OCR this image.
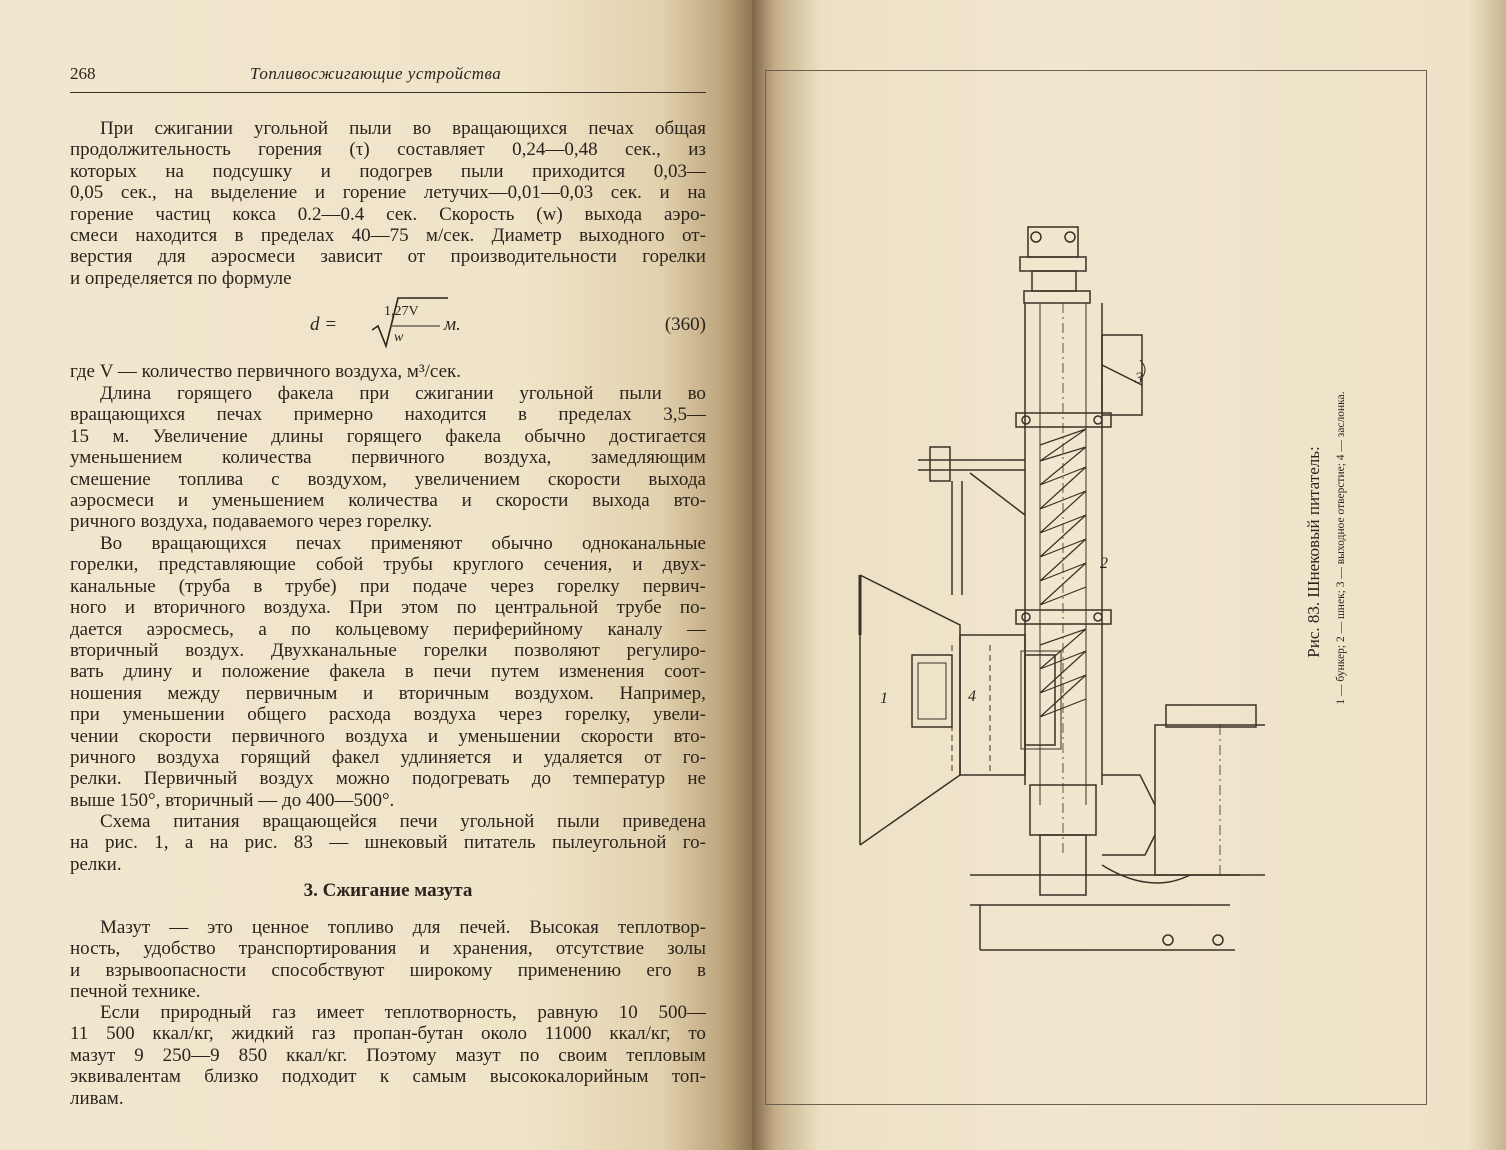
268	Топливосжигающие устройства
При сжигании угольной пыли во вращающихся печах общая
продолжительность горения (τ) составляет 0,24—0,48 сек., из
которых на подсушку и подогрев пыли приходится 0,03—
0,05 сек., на выделение и горение летучих—0,01—0,03 сек. и на
горение частиц кокса 0.2—0.4 сек. Скорость (w) выхода аэро-
смеси находится в пределах 40—75 м/сек. Диаметр выходного от-
верстия для аэросмеси зависит от производительности горелки
и определяется по формуле
d =
1,27V
w
м.	(360)
где V — количество первичного воздуха, м³/сек.
Длина горящего факела при сжигании угольной пыли во
вращающихся печах примерно находится в пределах 3,5—
15 м. Увеличение длины горящего факела обычно достигается
уменьшением количества первичного воздуха, замедляющим
смешение топлива с воздухом, увеличением скорости выхода
аэросмеси и уменьшением количества и скорости выхода вто-
ричного воздуха, подаваемого через горелку.
Во вращающихся печах применяют обычно одноканальные
горелки, представляющие собой трубы круглого сечения, и двух-
канальные (труба в трубе) при подаче через горелку первич-
ного и вторичного воздуха. При этом по центральной трубе по-
дается аэросмесь, а по кольцевому периферийному каналу —
вторичный воздух. Двухканальные горелки позволяют регулиро-
вать длину и положение факела в печи путем изменения соот-
ношения между первичным и вторичным воздухом. Например,
при уменьшении общего расхода воздуха через горелку, увели-
чении скорости первичного воздуха и уменьшении скорости вто-
ричного воздуха горящий факел удлиняется и удаляется от го-
релки. Первичный воздух можно подогревать до температур не
выше 150°, вторичный — до 400—500°.
Схема питания вращающейся печи угольной пыли приведена
на рис. 1, а на рис. 83 — шнековый питатель пылеугольной го-
релки.
3. Сжигание мазута
Мазут — это ценное топливо для печей. Высокая теплотвор-
ность, удобство транспортирования и хранения, отсутствие золы
и взрывоопасности способствуют широкому применению его в
печной технике.
Если природный газ имеет теплотворность, равную 10 500—
11 500 ккал/кг, жидкий газ пропан-бутан около 11000 ккал/кг, то
мазут 9 250—9 850 ккал/кг. Поэтому мазут по своим тепловым
эквивалентам близко подходит к самым высококалорийным топ-
ливам.
1
2
3
4
Рис. 83. Шнековый питатель: 1 — бункер; 2 — шнек; 3 — выходное отверстие; 4 — заслонка.
